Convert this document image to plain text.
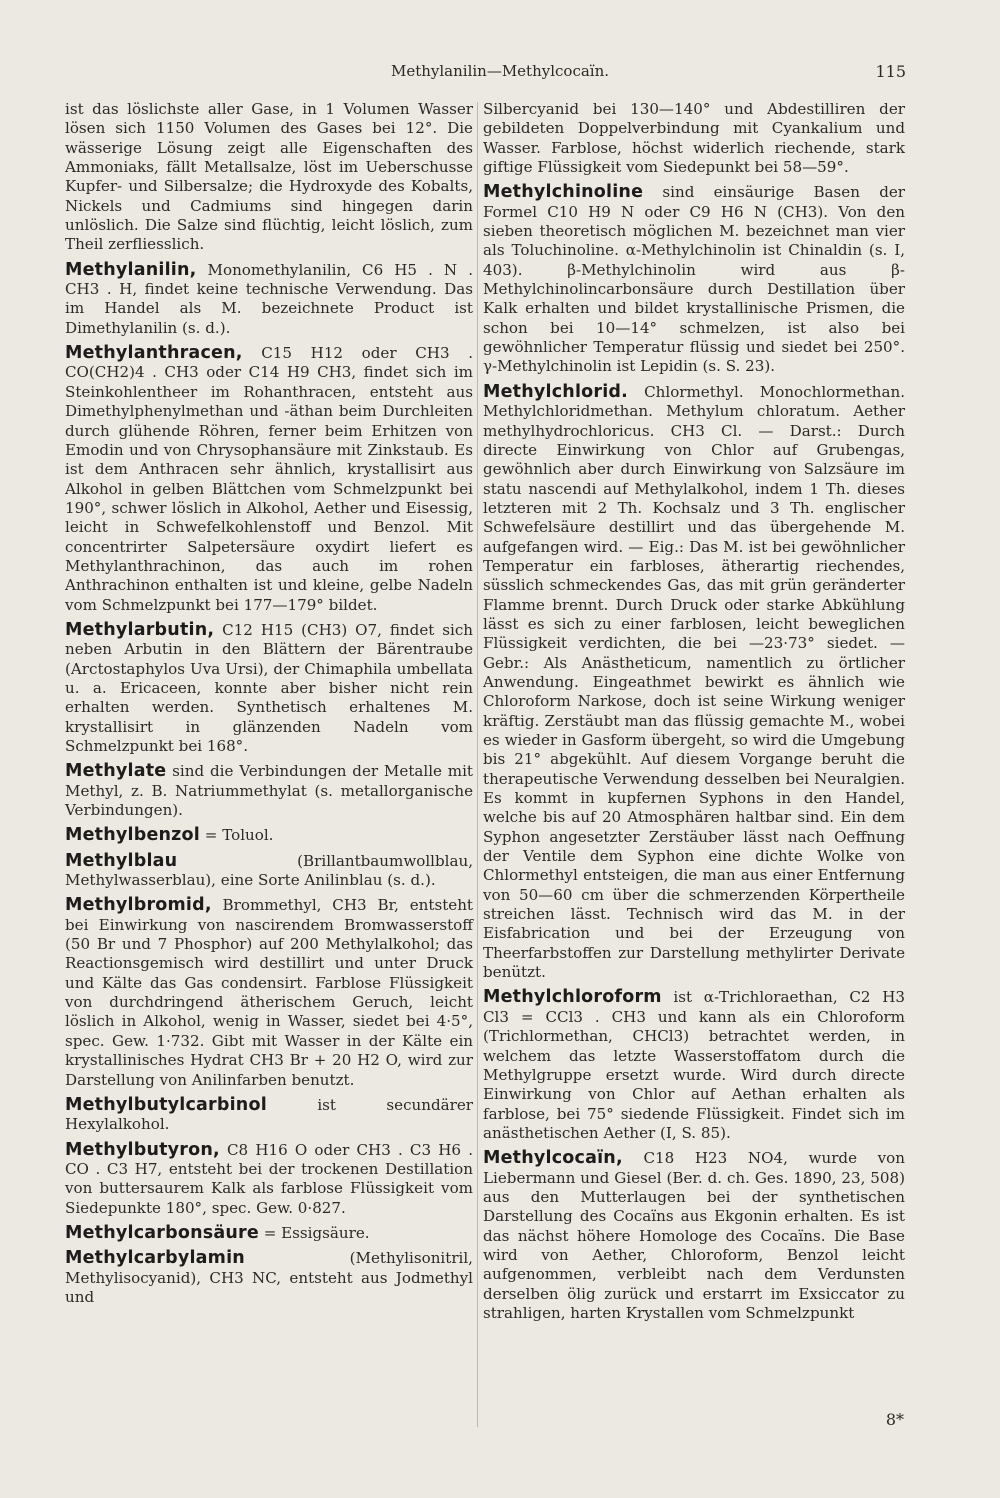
Methylanilin—Methylcocaïn.	115

ist das löslichste aller Gase, in 1 Volumen Wasser lösen sich 1150 Volumen des Gases bei 12°. Die wässerige Lösung zeigt alle Eigenschaften des Ammoniaks, fällt Metallsalze, löst im Ueberschusse Kupfer- und Silbersalze; die Hydroxyde des Kobalts, Nickels und Cadmiums sind hingegen darin unlöslich. Die Salze sind flüchtig, leicht löslich, zum Theil zerfliesslich.

Methylanilin, Monomethylanilin, C6 H5 . N . CH3 . H, findet keine technische Verwendung. Das im Handel als M. bezeichnete Product ist Dimethylanilin (s. d.).

Methylanthracen, C15 H12 oder CH3 . CO(CH2)4 . CH3 oder C14 H9 CH3, findet sich im Steinkohlentheer im Rohanthracen, entsteht aus Dimethylphenylmethan und -äthan beim Durchleiten durch glühende Röhren, ferner beim Erhitzen von Emodin und von Chrysophansäure mit Zinkstaub. Es ist dem Anthracen sehr ähnlich, krystallisirt aus Alkohol in gelben Blättchen vom Schmelzpunkt bei 190°, schwer löslich in Alkohol, Aether und Eisessig, leicht in Schwefelkohlenstoff und Benzol. Mit concentrirter Salpetersäure oxydirt liefert es Methylanthrachinon, das auch im rohen Anthrachinon enthalten ist und kleine, gelbe Nadeln vom Schmelzpunkt bei 177—179° bildet.

Methylarbutin, C12 H15 (CH3) O7, findet sich neben Arbutin in den Blättern der Bärentraube (Arctostaphylos Uva Ursi), der Chimaphila umbellata u. a. Ericaceen, konnte aber bisher nicht rein erhalten werden. Synthetisch erhaltenes M. krystallisirt in glänzenden Nadeln vom Schmelzpunkt bei 168°.

Methylate sind die Verbindungen der Metalle mit Methyl, z. B. Natriummethylat (s. metallorganische Verbindungen).

Methylbenzol = Toluol.

Methylblau (Brillantbaumwollblau, Methylwasserblau), eine Sorte Anilinblau (s. d.).

Methylbromid, Brommethyl, CH3 Br, entsteht bei Einwirkung von nascirendem Bromwasserstoff (50 Br und 7 Phosphor) auf 200 Methylalkohol; das Reactionsgemisch wird destillirt und unter Druck und Kälte das Gas condensirt. Farblose Flüssigkeit von durchdringend ätherischem Geruch, leicht löslich in Alkohol, wenig in Wasser, siedet bei 4·5°, spec. Gew. 1·732. Gibt mit Wasser in der Kälte ein krystallinisches Hydrat CH3 Br + 20 H2 O, wird zur Darstellung von Anilinfarben benutzt.

Methylbutylcarbinol ist secundärer Hexylalkohol.

Methylbutyron, C8 H16 O oder CH3 . C3 H6 . CO . C3 H7, entsteht bei der trockenen Destillation von buttersaurem Kalk als farblose Flüssigkeit vom Siedepunkte 180°, spec. Gew. 0·827.

Methylcarbonsäure = Essigsäure.

Methylcarbylamin (Methylisonitril, Methylisocyanid), CH3 NC, entsteht aus Jodmethyl und

Silbercyanid bei 130—140° und Abdestilliren der gebildeten Doppelverbindung mit Cyankalium und Wasser. Farblose, höchst widerlich riechende, stark giftige Flüssigkeit vom Siedepunkt bei 58—59°.

Methylchinoline sind einsäurige Basen der Formel C10 H9 N oder C9 H6 N (CH3). Von den sieben theoretisch möglichen M. bezeichnet man vier als Toluchinoline. α-Methylchinolin ist Chinaldin (s. I, 403). β-Methylchinolin wird aus β-Methylchinolincarbonsäure durch Destillation über Kalk erhalten und bildet krystallinische Prismen, die schon bei 10—14° schmelzen, ist also bei gewöhnlicher Temperatur flüssig und siedet bei 250°. γ-Methylchinolin ist Lepidin (s. S. 23).

Methylchlorid. Chlormethyl. Monochlormethan. Methylchloridmethan. Methylum chloratum. Aether methylhydrochloricus. CH3 Cl. — Darst.: Durch directe Einwirkung von Chlor auf Grubengas, gewöhnlich aber durch Einwirkung von Salzsäure im statu nascendi auf Methylalkohol, indem 1 Th. dieses letzteren mit 2 Th. Kochsalz und 3 Th. englischer Schwefelsäure destillirt und das übergehende M. aufgefangen wird. — Eig.: Das M. ist bei gewöhnlicher Temperatur ein farbloses, ätherartig riechendes, süsslich schmeckendes Gas, das mit grün geränderter Flamme brennt. Durch Druck oder starke Abkühlung lässt es sich zu einer farblosen, leicht beweglichen Flüssigkeit verdichten, die bei —23·73° siedet. — Gebr.: Als Anästheticum, namentlich zu örtlicher Anwendung. Eingeathmet bewirkt es ähnlich wie Chloroform Narkose, doch ist seine Wirkung weniger kräftig. Zerstäubt man das flüssig gemachte M., wobei es wieder in Gasform übergeht, so wird die Umgebung bis 21° abgekühlt. Auf diesem Vorgange beruht die therapeutische Verwendung desselben bei Neuralgien. Es kommt in kupfernen Syphons in den Handel, welche bis auf 20 Atmosphären haltbar sind. Ein dem Syphon angesetzter Zerstäuber lässt nach Oeffnung der Ventile dem Syphon eine dichte Wolke von Chlormethyl entsteigen, die man aus einer Entfernung von 50—60 cm über die schmerzenden Körpertheile streichen lässt. Technisch wird das M. in der Eisfabrication und bei der Erzeugung von Theerfarbstoffen zur Darstellung methylirter Derivate benützt.

Methylchloroform ist α-Trichloraethan, C2 H3 Cl3 = CCl3 . CH3 und kann als ein Chloroform (Trichlormethan, CHCl3) betrachtet werden, in welchem das letzte Wasserstoffatom durch die Methylgruppe ersetzt wurde. Wird durch directe Einwirkung von Chlor auf Aethan erhalten als farblose, bei 75° siedende Flüssigkeit. Findet sich im anästhetischen Aether (I, S. 85).

Methylcocaïn, C18 H23 NO4, wurde von Liebermann und Giesel (Ber. d. ch. Ges. 1890, 23, 508) aus den Mutterlaugen bei der synthetischen Darstellung des Cocaïns aus Ekgonin erhalten. Es ist das nächst höhere Homologe des Cocaïns. Die Base wird von Aether, Chloroform, Benzol leicht aufgenommen, verbleibt nach dem Verdunsten derselben ölig zurück und erstarrt im Exsiccator zu strahligen, harten Krystallen vom Schmelzpunkt

8*
